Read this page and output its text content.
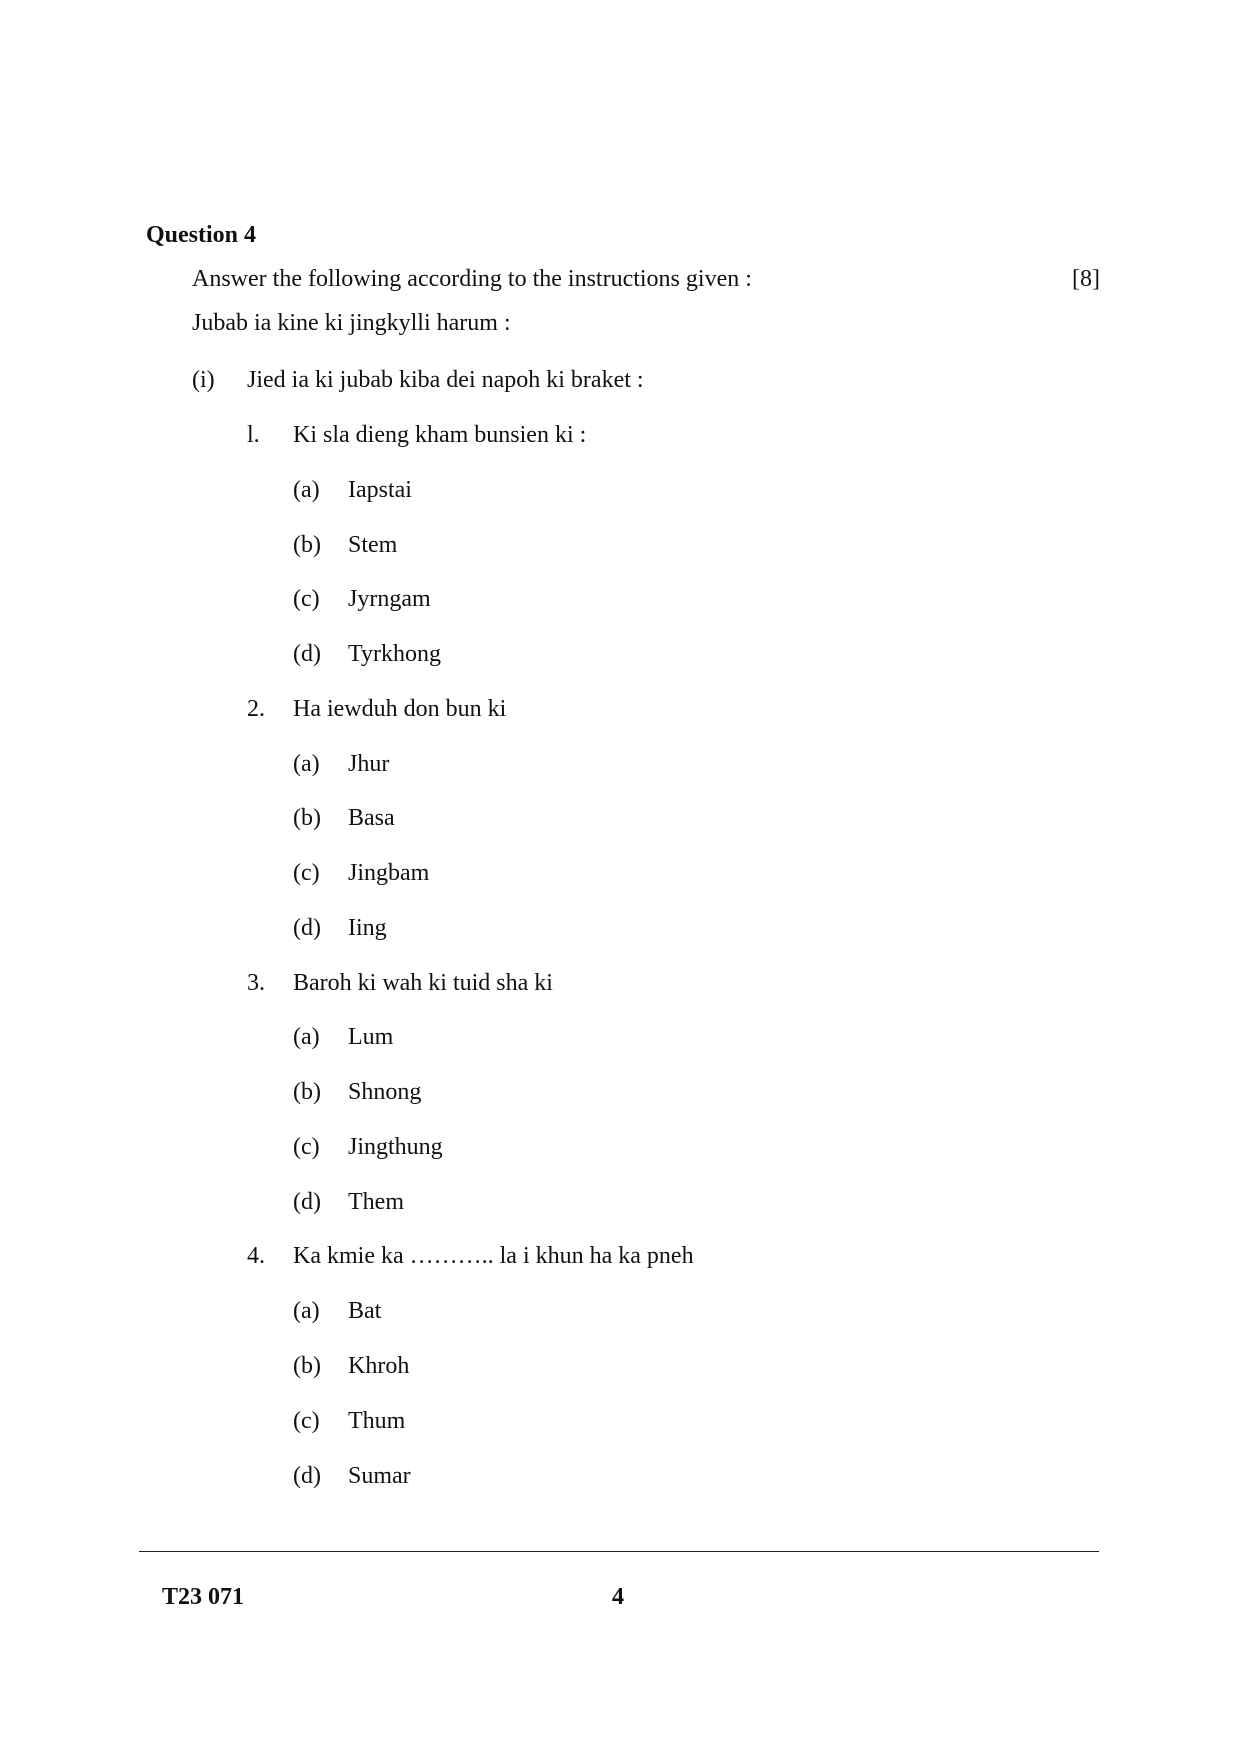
Question 4
Answer the following according to the instructions given :	[8]
Jubab ia kine ki jingkylli harum :
(i) Jied ia ki jubab kiba dei napoh ki braket :
l. Ki sla dieng kham bunsien ki :
(a) Iapstai
(b) Stem
(c) Jyrngam
(d) Tyrkhong
2. Ha iewduh don bun ki
(a) Jhur
(b) Basa
(c) Jingbam
(d) Iing
3. Baroh ki wah ki tuid sha ki
(a) Lum
(b) Shnong
(c) Jingthung
(d) Them
4. Ka kmie ka ……….. la i khun ha ka pneh
(a) Bat
(b) Khroh
(c) Thum
(d) Sumar
T23 071	4
